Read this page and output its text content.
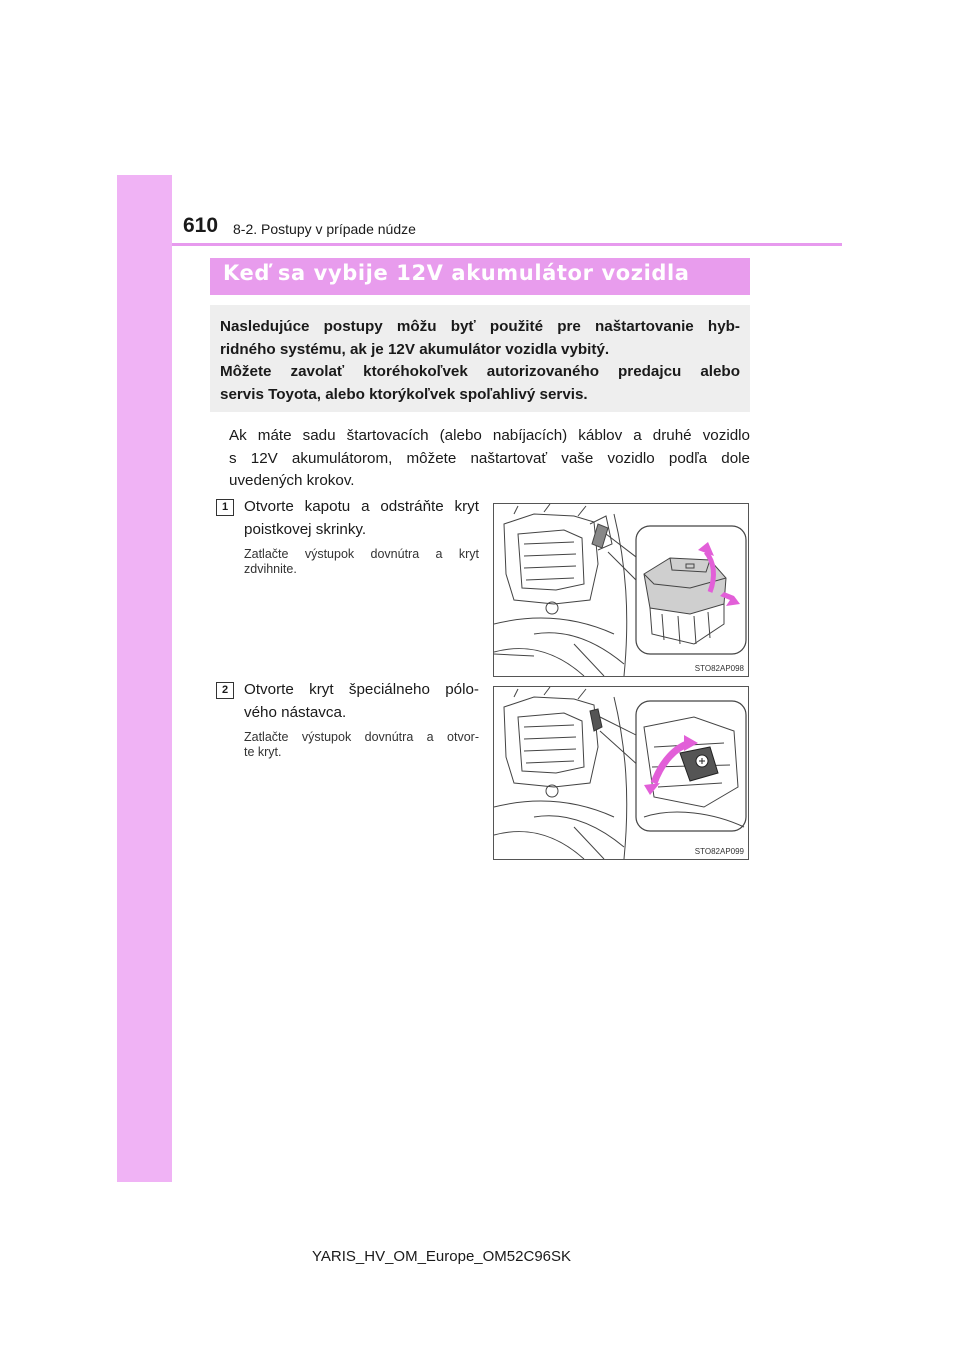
610 8-2. Postupy v prípade núdze
Keď sa vybije 12V akumulátor vozidla
Nasledujúce postupy môžu byť použité pre naštartovanie hyb-
ridného systému, ak je 12V akumulátor vozidla vybitý.
Môžete zavolať ktoréhokoľvek autorizovaného predajcu alebo
servis Toyota, alebo ktorýkoľvek spoľahlivý servis.
Ak máte sadu štartovacích (alebo nabíjacích) káblov a druhé vozidlo
s 12V akumulátorom, môžete naštartovať vaše vozidlo podľa dole
uvedených krokov.
1	Otvorte kapotu a odstráňte kryt
poistkovej skrinky.
Zatlačte výstupok dovnútra a kryt
zdvihnite.
STO82AP098
2	Otvorte kryt špeciálneho pólo-
vého nástavca.
Zatlačte výstupok dovnútra a otvor-
te kryt.
STO82AP099
YARIS_HV_OM_Europe_OM52C96SK
